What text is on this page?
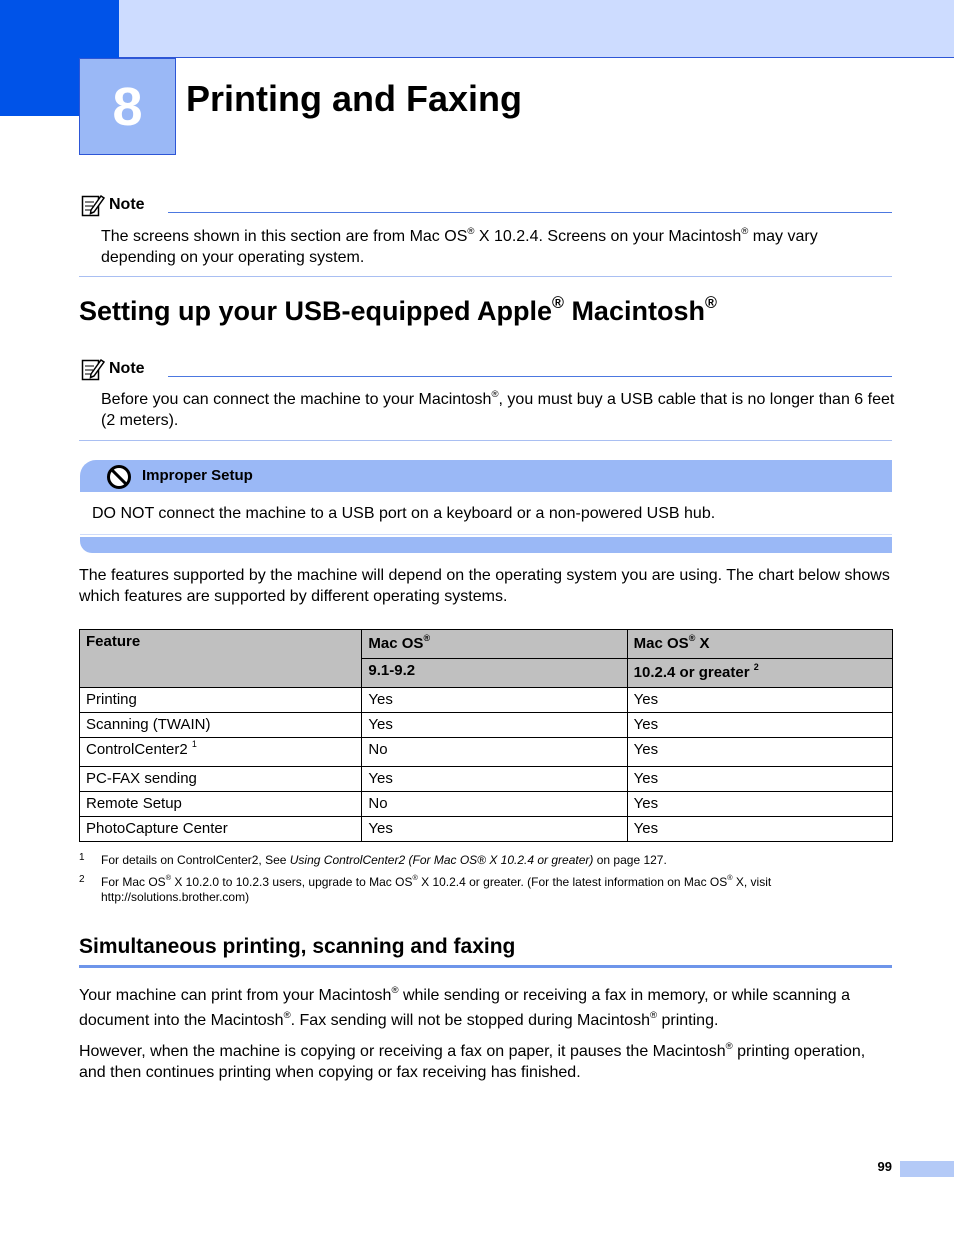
8 Printing and Faxing
Note
The screens shown in this section are from Mac OS® X 10.2.4. Screens on your Macintosh® may vary depending on your operating system.
Setting up your USB-equipped Apple® Macintosh®
Note
Before you can connect the machine to your Macintosh®, you must buy a USB cable that is no longer than 6 feet (2 meters).
Improper Setup
DO NOT connect the machine to a USB port on a keyboard or a non-powered USB hub.
The features supported by the machine will depend on the operating system you are using. The chart below shows which features are supported by different operating systems.
Feature	Mac OS®	Mac OS® X
	9.1-9.2	10.2.4 or greater $^2$
Printing	Yes	Yes
Scanning (TWAIN)	Yes	Yes
ControlCenter2 $^1$	No	Yes
PC-FAX sending	Yes	Yes
Remote Setup	No	Yes
PhotoCapture Center	Yes	Yes
1 For details on ControlCenter2, See Using ControlCenter2 (For Mac OS® X 10.2.4 or greater) on page 127.
2 For Mac OS® X 10.2.0 to 10.2.3 users, upgrade to Mac OS® X 10.2.4 or greater. (For the latest information on Mac OS® X, visit
http://solutions.brother.com)
Simultaneous printing, scanning and faxing
Your machine can print from your Macintosh® while sending or receiving a fax in memory, or while scanning a document into the Macintosh®. Fax sending will not be stopped during Macintosh® printing.
However, when the machine is copying or receiving a fax on paper, it pauses the Macintosh® printing operation, and then continues printing when copying or fax receiving has finished.
99
